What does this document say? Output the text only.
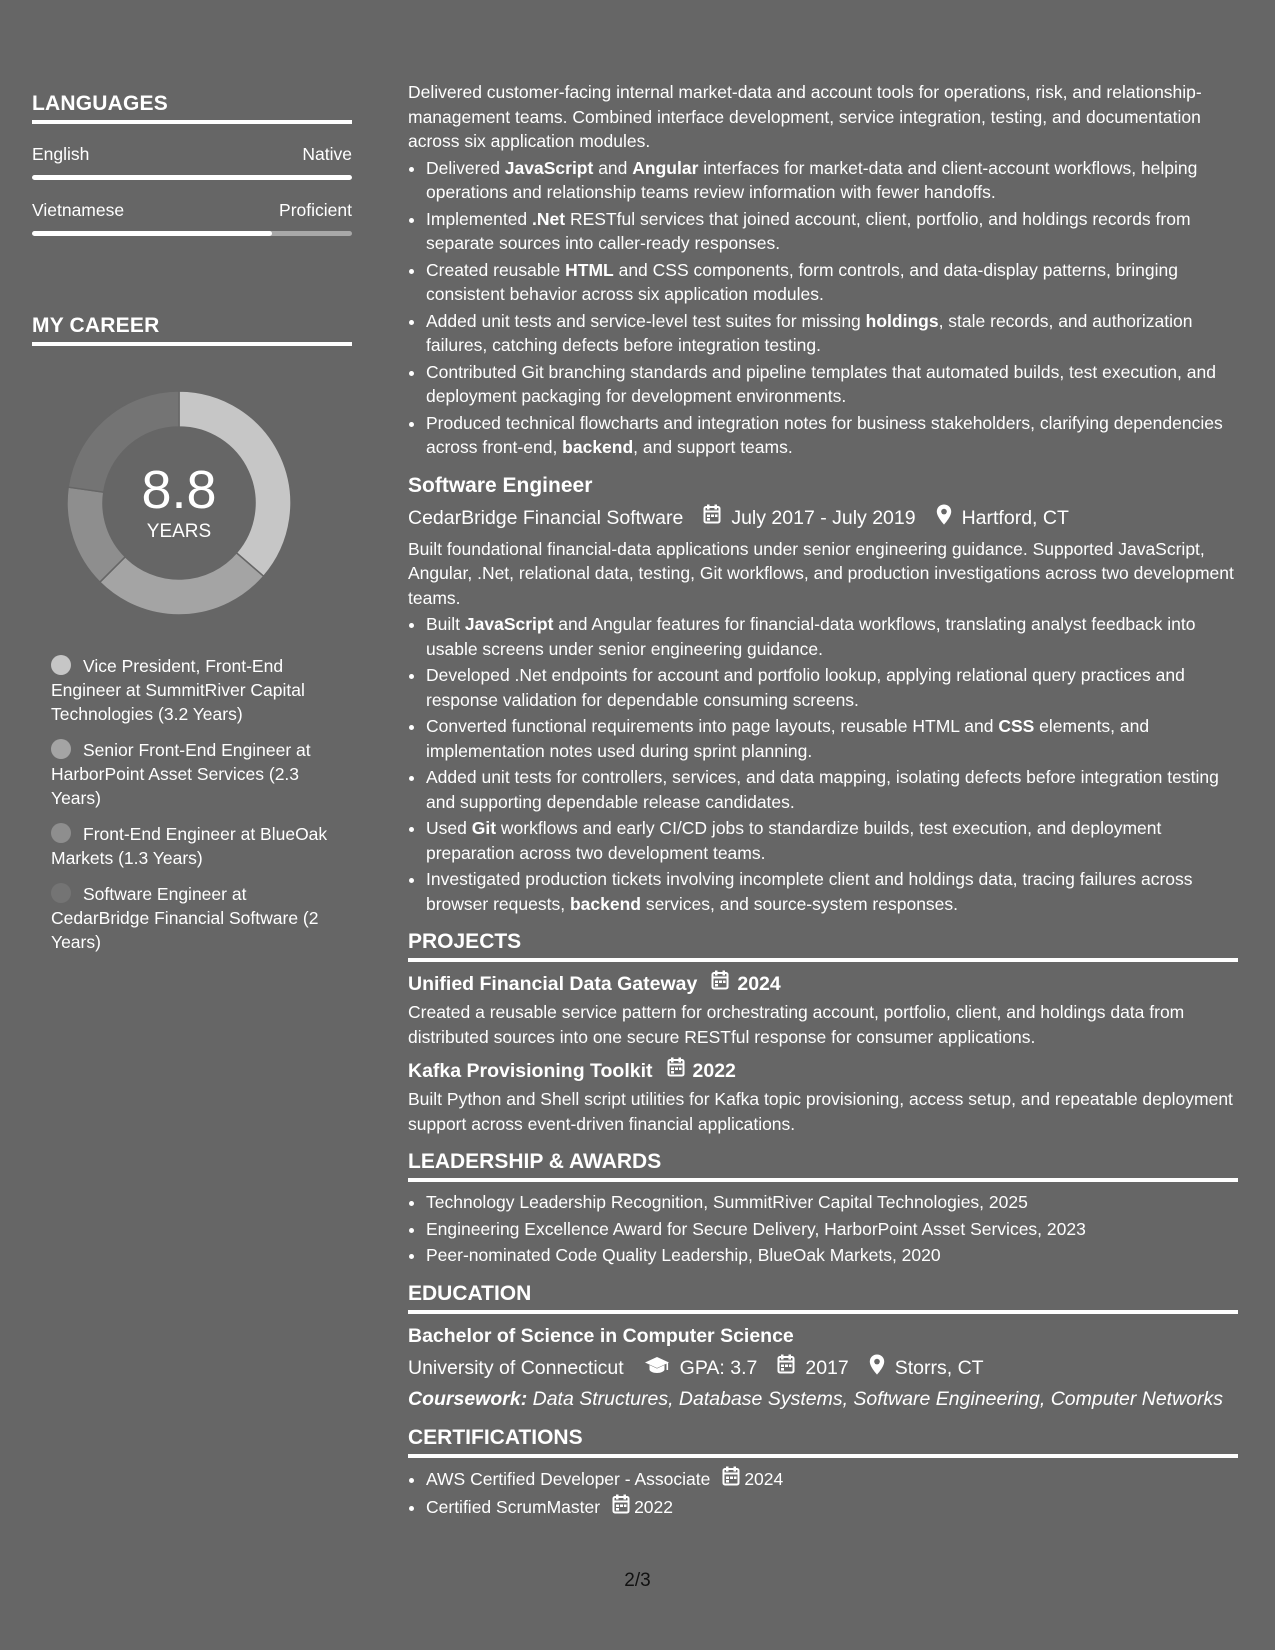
LANGUAGES
English	Native
Vietnamese	Proficient
MY CAREER
8.8
YEARS
Vice President, Front-End Engineer at SummitRiver Capital Technologies (3.2 Years)
Senior Front-End Engineer at HarborPoint Asset Services (2.3 Years)
Front-End Engineer at BlueOak Markets (1.3 Years)
Software Engineer at CedarBridge Financial Software (2 Years)

Delivered customer-facing internal market-data and account tools for operations, risk, and relationship-management teams. Combined interface development, service integration, testing, and documentation across six application modules.

• Delivered JavaScript and Angular interfaces for market-data and client-account workflows, helping operations and relationship teams review information with fewer handoffs.
• Implemented .Net RESTful services that joined account, client, portfolio, and holdings records from separate sources into caller-ready responses.
• Created reusable HTML and CSS components, form controls, and data-display patterns, bringing consistent behavior across six application modules.
• Added unit tests and service-level test suites for missing holdings, stale records, and authorization failures, catching defects before integration testing.
• Contributed Git branching standards and pipeline templates that automated builds, test execution, and deployment packaging for development environments.
• Produced technical flowcharts and integration notes for business stakeholders, clarifying dependencies across front-end, backend, and support teams.
Software Engineer
CedarBridge Financial Software July 2017 - July 2019 Hartford, CT

Built foundational financial-data applications under senior engineering guidance. Supported JavaScript, Angular, .Net, relational data, testing, Git workflows, and production investigations across two development teams.

• Built JavaScript and Angular features for financial-data workflows, translating analyst feedback into usable screens under senior engineering guidance.
• Developed .Net endpoints for account and portfolio lookup, applying relational query practices and response validation for dependable consuming screens.
• Converted functional requirements into page layouts, reusable HTML and CSS elements, and implementation notes used during sprint planning.
• Added unit tests for controllers, services, and data mapping, isolating defects before integration testing and supporting dependable release candidates.
• Used Git workflows and early CI/CD jobs to standardize builds, test execution, and deployment preparation across two development teams.
• Investigated production tickets involving incomplete client and holdings data, tracing failures across browser requests, backend services, and source-system responses.
PROJECTS
Unified Financial Data Gateway 2024

Created a reusable service pattern for orchestrating account, portfolio, client, and holdings data from distributed sources into one secure RESTful response for consumer applications.

Kafka Provisioning Toolkit 2022

Built Python and Shell script utilities for Kafka topic provisioning, access setup, and repeatable deployment support across event-driven financial applications.

LEADERSHIP & AWARDS
• Technology Leadership Recognition, SummitRiver Capital Technologies, 2025
• Engineering Excellence Award for Secure Delivery, HarborPoint Asset Services, 2023
• Peer-nominated Code Quality Leadership, BlueOak Markets, 2020
EDUCATION
Bachelor of Science in Computer Science
University of Connecticut	GPA: 3.7 2017 Storrs, CT
Coursework: Data Structures, Database Systems, Software Engineering, Computer Networks
CERTIFICATIONS
• AWS Certified Developer - Associate 2024
• Certified ScrumMaster 2022
2/3
